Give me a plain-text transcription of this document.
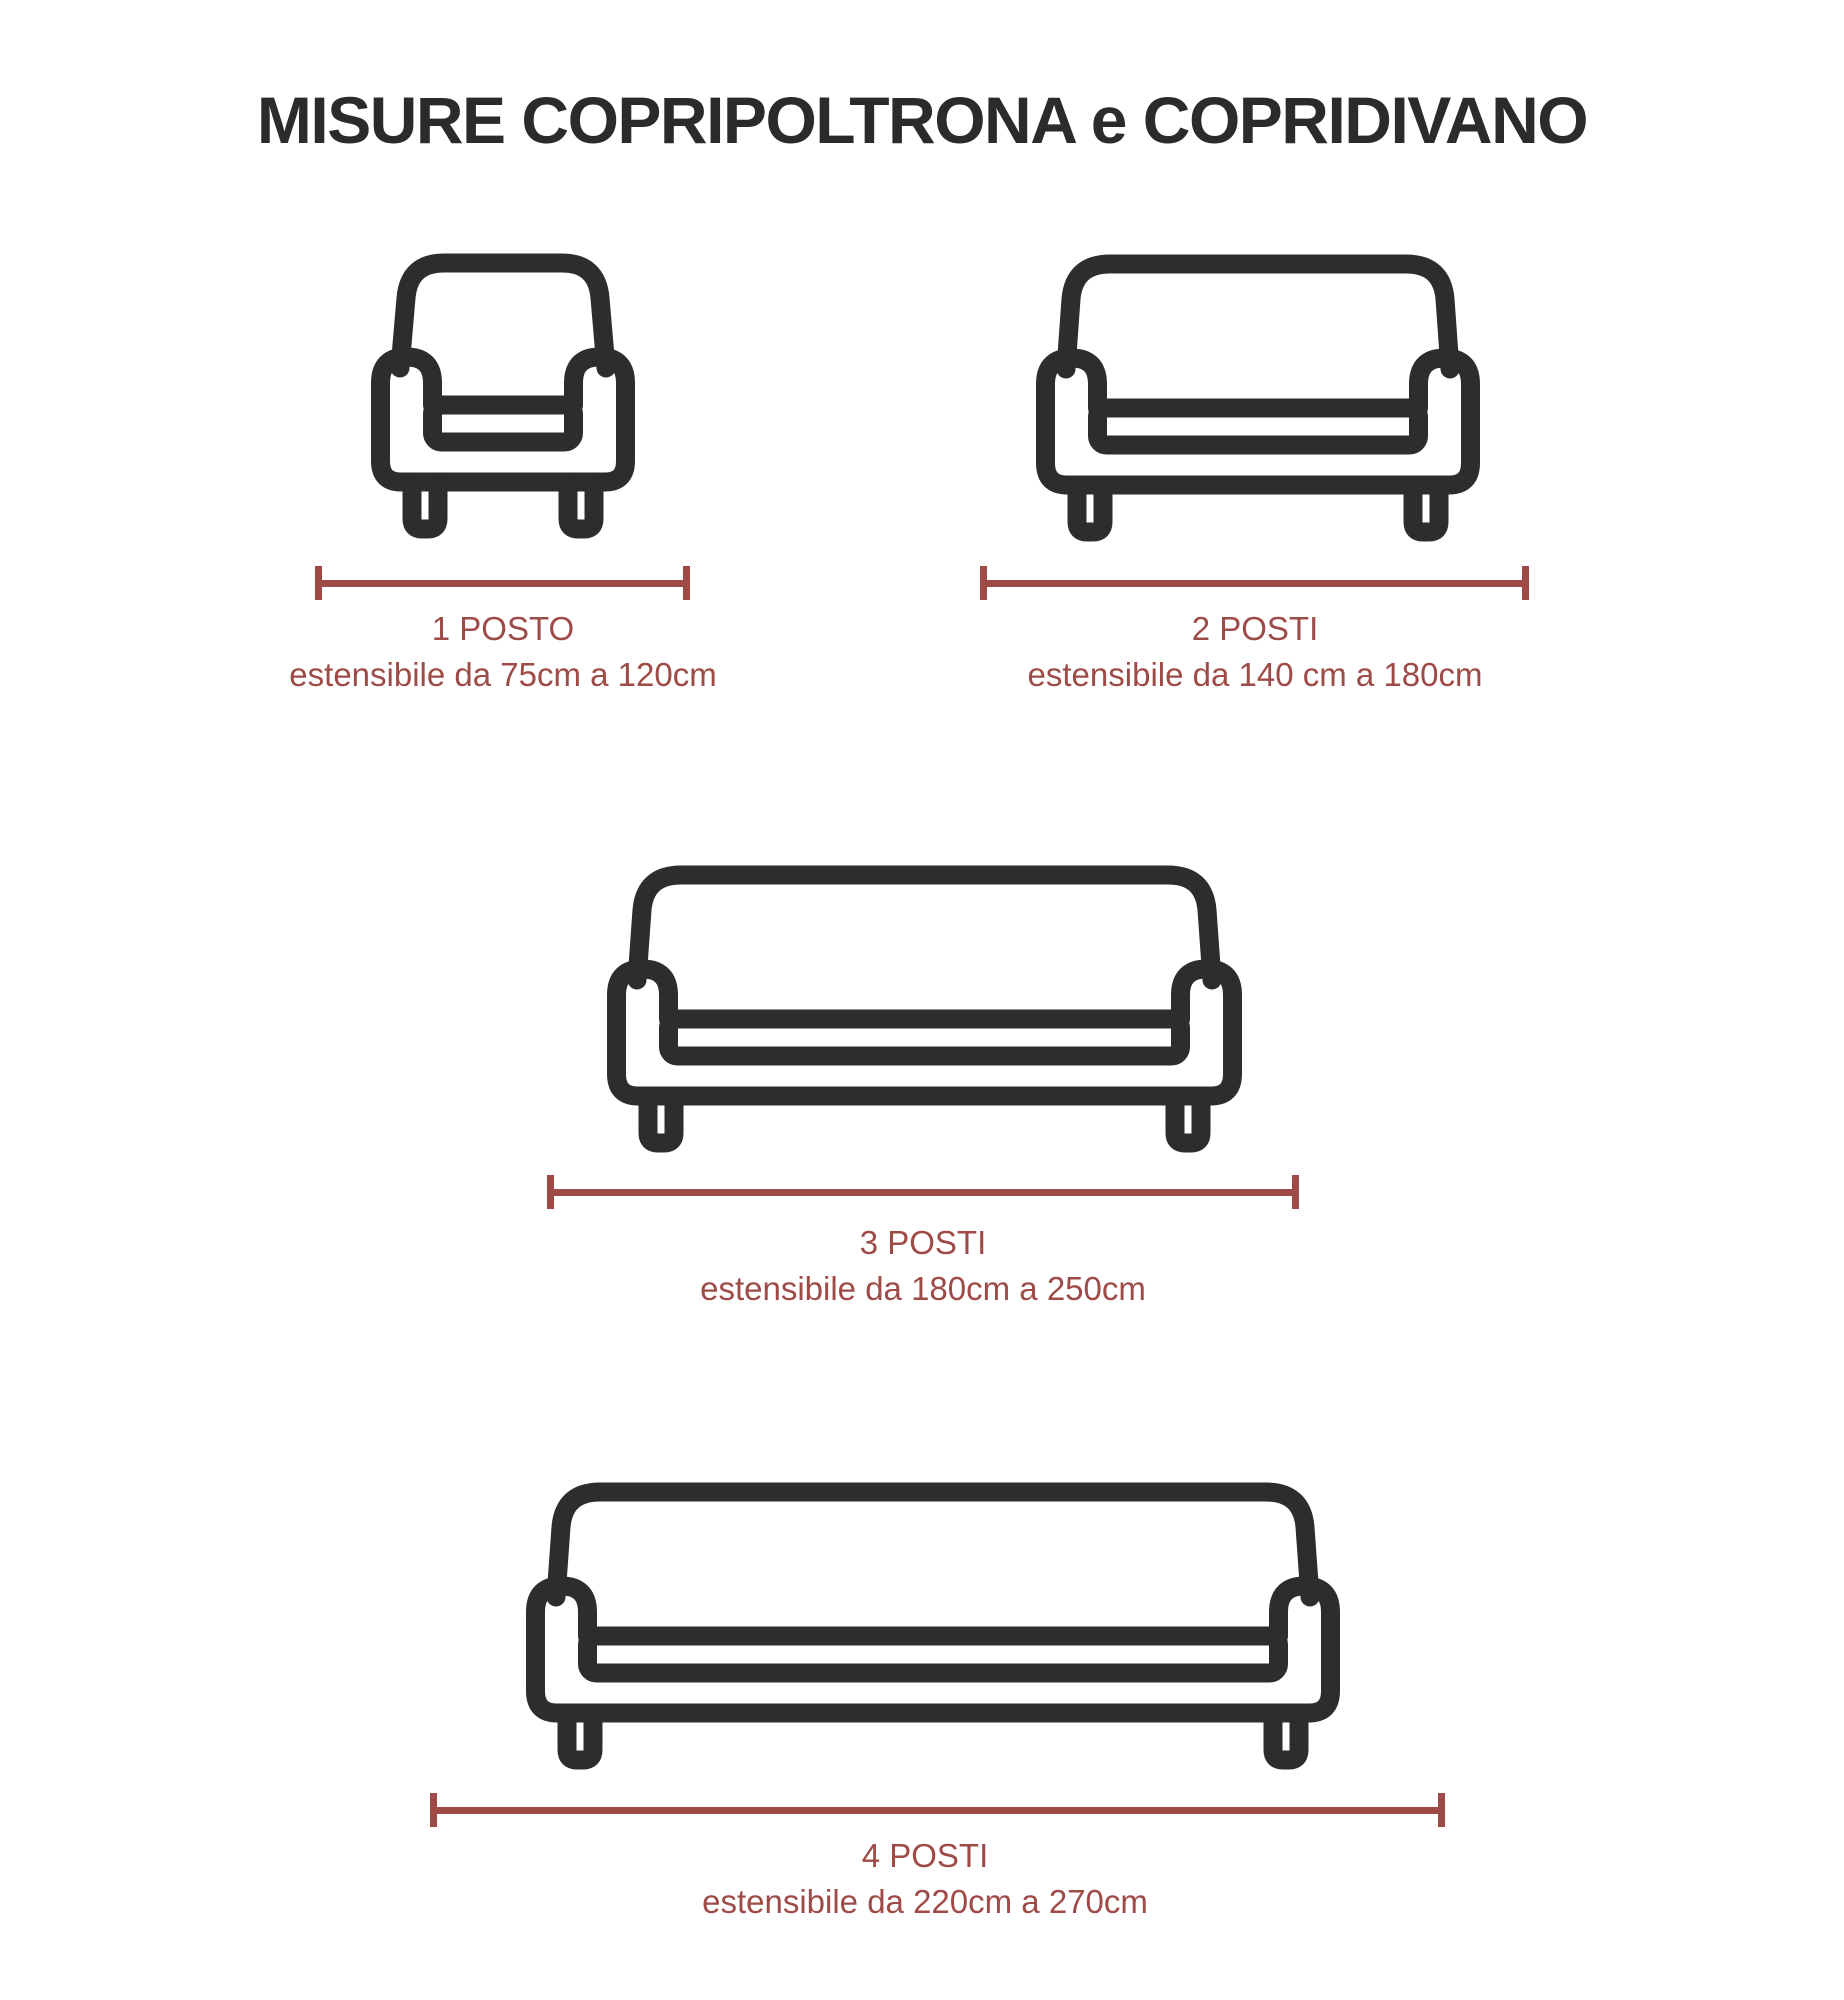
MISURE COPRIPOLTRONA e COPRIDIVANO
1 POSTO
estensibile da 75cm a 120cm
2 POSTI
estensibile da 140 cm a 180cm
3 POSTI
estensibile da 180cm a 250cm
4 POSTI
estensibile da 220cm a 270cm
